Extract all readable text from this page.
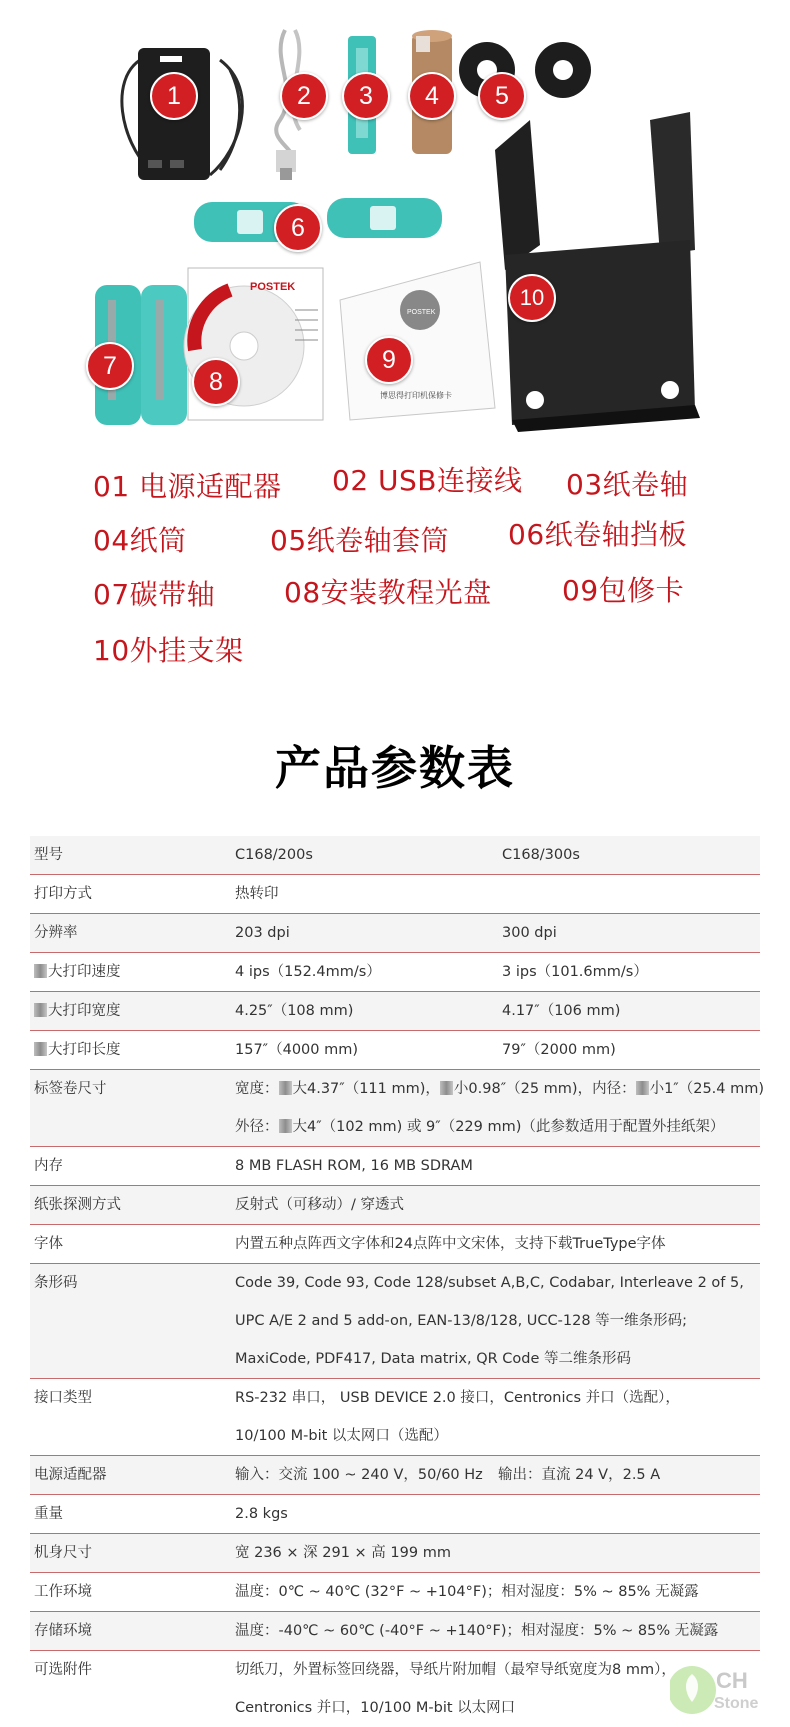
POSTEK
POSTEK
博思得打印机保修卡
1	2	3	4	5
6
7
8
9
10
01 电源适配器 02 USB连接线 03纸卷轴
04纸筒	05纸卷轴套筒 06纸卷轴挡板
07碳带轴 08安装教程光盘	09包修卡
10外挂支架
产品参数表
型号	C168/200s	C168/300s
打印方式	热转印
分辨率	203 dpi	300 dpi
大打印速度	4 ips（152.4mm/s）	3 ips（101.6mm/s）
大打印宽度	4.25″（108 mm)	4.17″（106 mm)
大打印长度	157″（4000 mm)	79″（2000 mm)
标签卷尺寸	宽度： 大4.37″（111 mm)， 小0.98″（25 mm)，内径： 小1″（25.4 mm)
外径： 大4″（102 mm) 或 9″（229 mm)（此参数适用于配置外挂纸架）
内存	8 MB FLASH ROM, 16 MB SDRAM
纸张探测方式	反射式（可移动）/ 穿透式
字体	内置五种点阵西文字体和24点阵中文宋体，支持下载TrueType字体
条形码	Code 39, Code 93, Code 128/subset A,B,C, Codabar, Interleave 2 of 5,
UPC A/E 2 and 5 add-on, EAN-13/8/128, UCC-128 等一维条形码;
MaxiCode, PDF417, Data matrix, QR Code 等二维条形码
接口类型	RS-232 串口， USB DEVICE 2.0 接口，Centronics 并口（选配），
10/100 M-bit 以太网口（选配）
电源适配器	输入：交流 100 ~ 240 V，50/60 Hz 输出：直流 24 V，2.5 A
重量	2.8 kgs
机身尺寸	宽 236 × 深 291 × 高 199 mm
工作环境	温度：0℃ ~ 40℃ (32°F ~ +104°F)；相对湿度：5% ~ 85% 无凝露
存储环境	温度：-40℃ ~ 60℃ (-40°F ~ +140°F)；相对湿度：5% ~ 85% 无凝露
可选附件	切纸刀，外置标签回绕器，导纸片附加帽（最窄导纸宽度为8 mm），
Centronics 并口，10/100 M-bit 以太网口
CH
Stone
